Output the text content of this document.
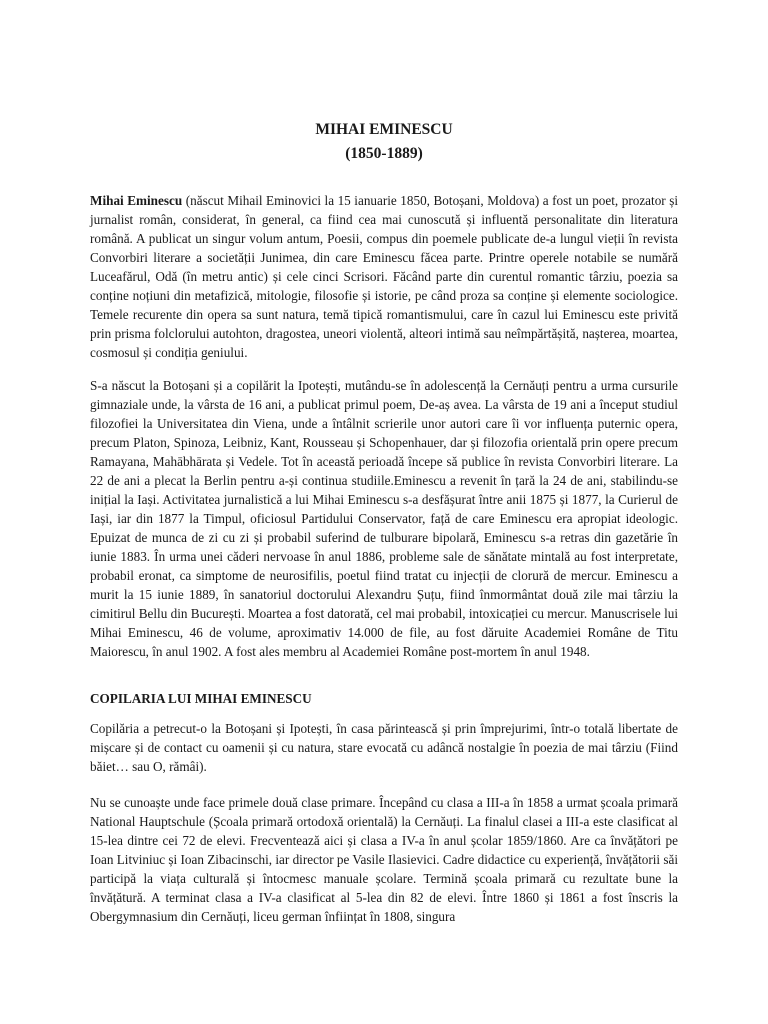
MIHAI EMINESCU
(1850-1889)

Mihai Eminescu (născut Mihail Eminovici la 15 ianuarie 1850, Botoșani, Moldova) a fost un poet, prozator și jurnalist român, considerat, în general, ca fiind cea mai cunoscută și influentă personalitate din literatura română. A publicat un singur volum antum, Poesii, compus din poemele publicate de-a lungul vieții în revista Convorbiri literare a societății Junimea, din care Eminescu făcea parte. Printre operele notabile se numără Luceafărul, Odă (în metru antic) și cele cinci Scrisori. Făcând parte din curentul romantic târziu, poezia sa conține noțiuni din metafizică, mitologie, filosofie și istorie, pe când proza sa conține și elemente sociologice. Temele recurente din opera sa sunt natura, temă tipică romantismului, care în cazul lui Eminescu este privită prin prisma folclorului autohton, dragostea, uneori violentă, alteori intimă sau neîmpărtășită, nașterea, moartea, cosmosul și condiția geniului.

S-a născut la Botoșani și a copilărit la Ipotești, mutându-se în adolescență la Cernăuți pentru a urma cursurile gimnaziale unde, la vârsta de 16 ani, a publicat primul poem, De-aș avea. La vârsta de 19 ani a început studiul filozofiei la Universitatea din Viena, unde a întâlnit scrierile unor autori care îi vor influența puternic opera, precum Platon, Spinoza, Leibniz, Kant, Rousseau și Schopenhauer, dar și filozofia orientală prin opere precum Ramayana, Mahābhārata și Vedele. Tot în această perioadă începe să publice în revista Convorbiri literare. La 22 de ani a plecat la Berlin pentru a-și continua studiile.Eminescu a revenit în țară la 24 de ani, stabilindu-se inițial la Iași. Activitatea jurnalistică a lui Mihai Eminescu s-a desfășurat între anii 1875 și 1877, la Curierul de Iași, iar din 1877 la Timpul, oficiosul Partidului Conservator, față de care Eminescu era apropiat ideologic. Epuizat de munca de zi cu zi și probabil suferind de tulburare bipolară, Eminescu s-a retras din gazetărie în iunie 1883. În urma unei căderi nervoase în anul 1886, probleme sale de sănătate mintală au fost interpretate, probabil eronat, ca simptome de neurosifilis, poetul fiind tratat cu injecții de clorură de mercur. Eminescu a murit la 15 iunie 1889, în sanatoriul doctorului Alexandru Șuțu, fiind înmormântat două zile mai târziu la cimitirul Bellu din București. Moartea a fost datorată, cel mai probabil, intoxicației cu mercur. Manuscrisele lui Mihai Eminescu, 46 de volume, aproximativ 14.000 de file, au fost dăruite Academiei Române de Titu Maiorescu, în anul 1902. A fost ales membru al Academiei Române post-mortem în anul 1948.

COPILARIA LUI MIHAI EMINESCU

Copilăria a petrecut-o la Botoșani și Ipotești, în casa părintească și prin împrejurimi, într-o totală libertate de mișcare și de contact cu oamenii și cu natura, stare evocată cu adâncă nostalgie în poezia de mai târziu (Fiind băiet… sau O, rămâi).

Nu se cunoaște unde face primele două clase primare. Începând cu clasa a III-a în 1858 a urmat școala primară National Hauptschule (Școala primară ortodoxă orientală) la Cernăuți. La finalul clasei a III-a este clasificat al 15-lea dintre cei 72 de elevi. Frecventează aici și clasa a IV-a în anul școlar 1859/1860. Are ca învățători pe Ioan Litviniuc și Ioan Zibacinschi, iar director pe Vasile Ilasievici. Cadre didactice cu experiență, învățătorii săi participă la viața culturală și întocmesc manuale școlare. Termină școala primară cu rezultate bune la învățătură. A terminat clasa a IV-a clasificat al 5-lea din 82 de elevi. Între 1860 și 1861 a fost înscris la Obergymnasium din Cernăuți, liceu german înființat în 1808, singura
